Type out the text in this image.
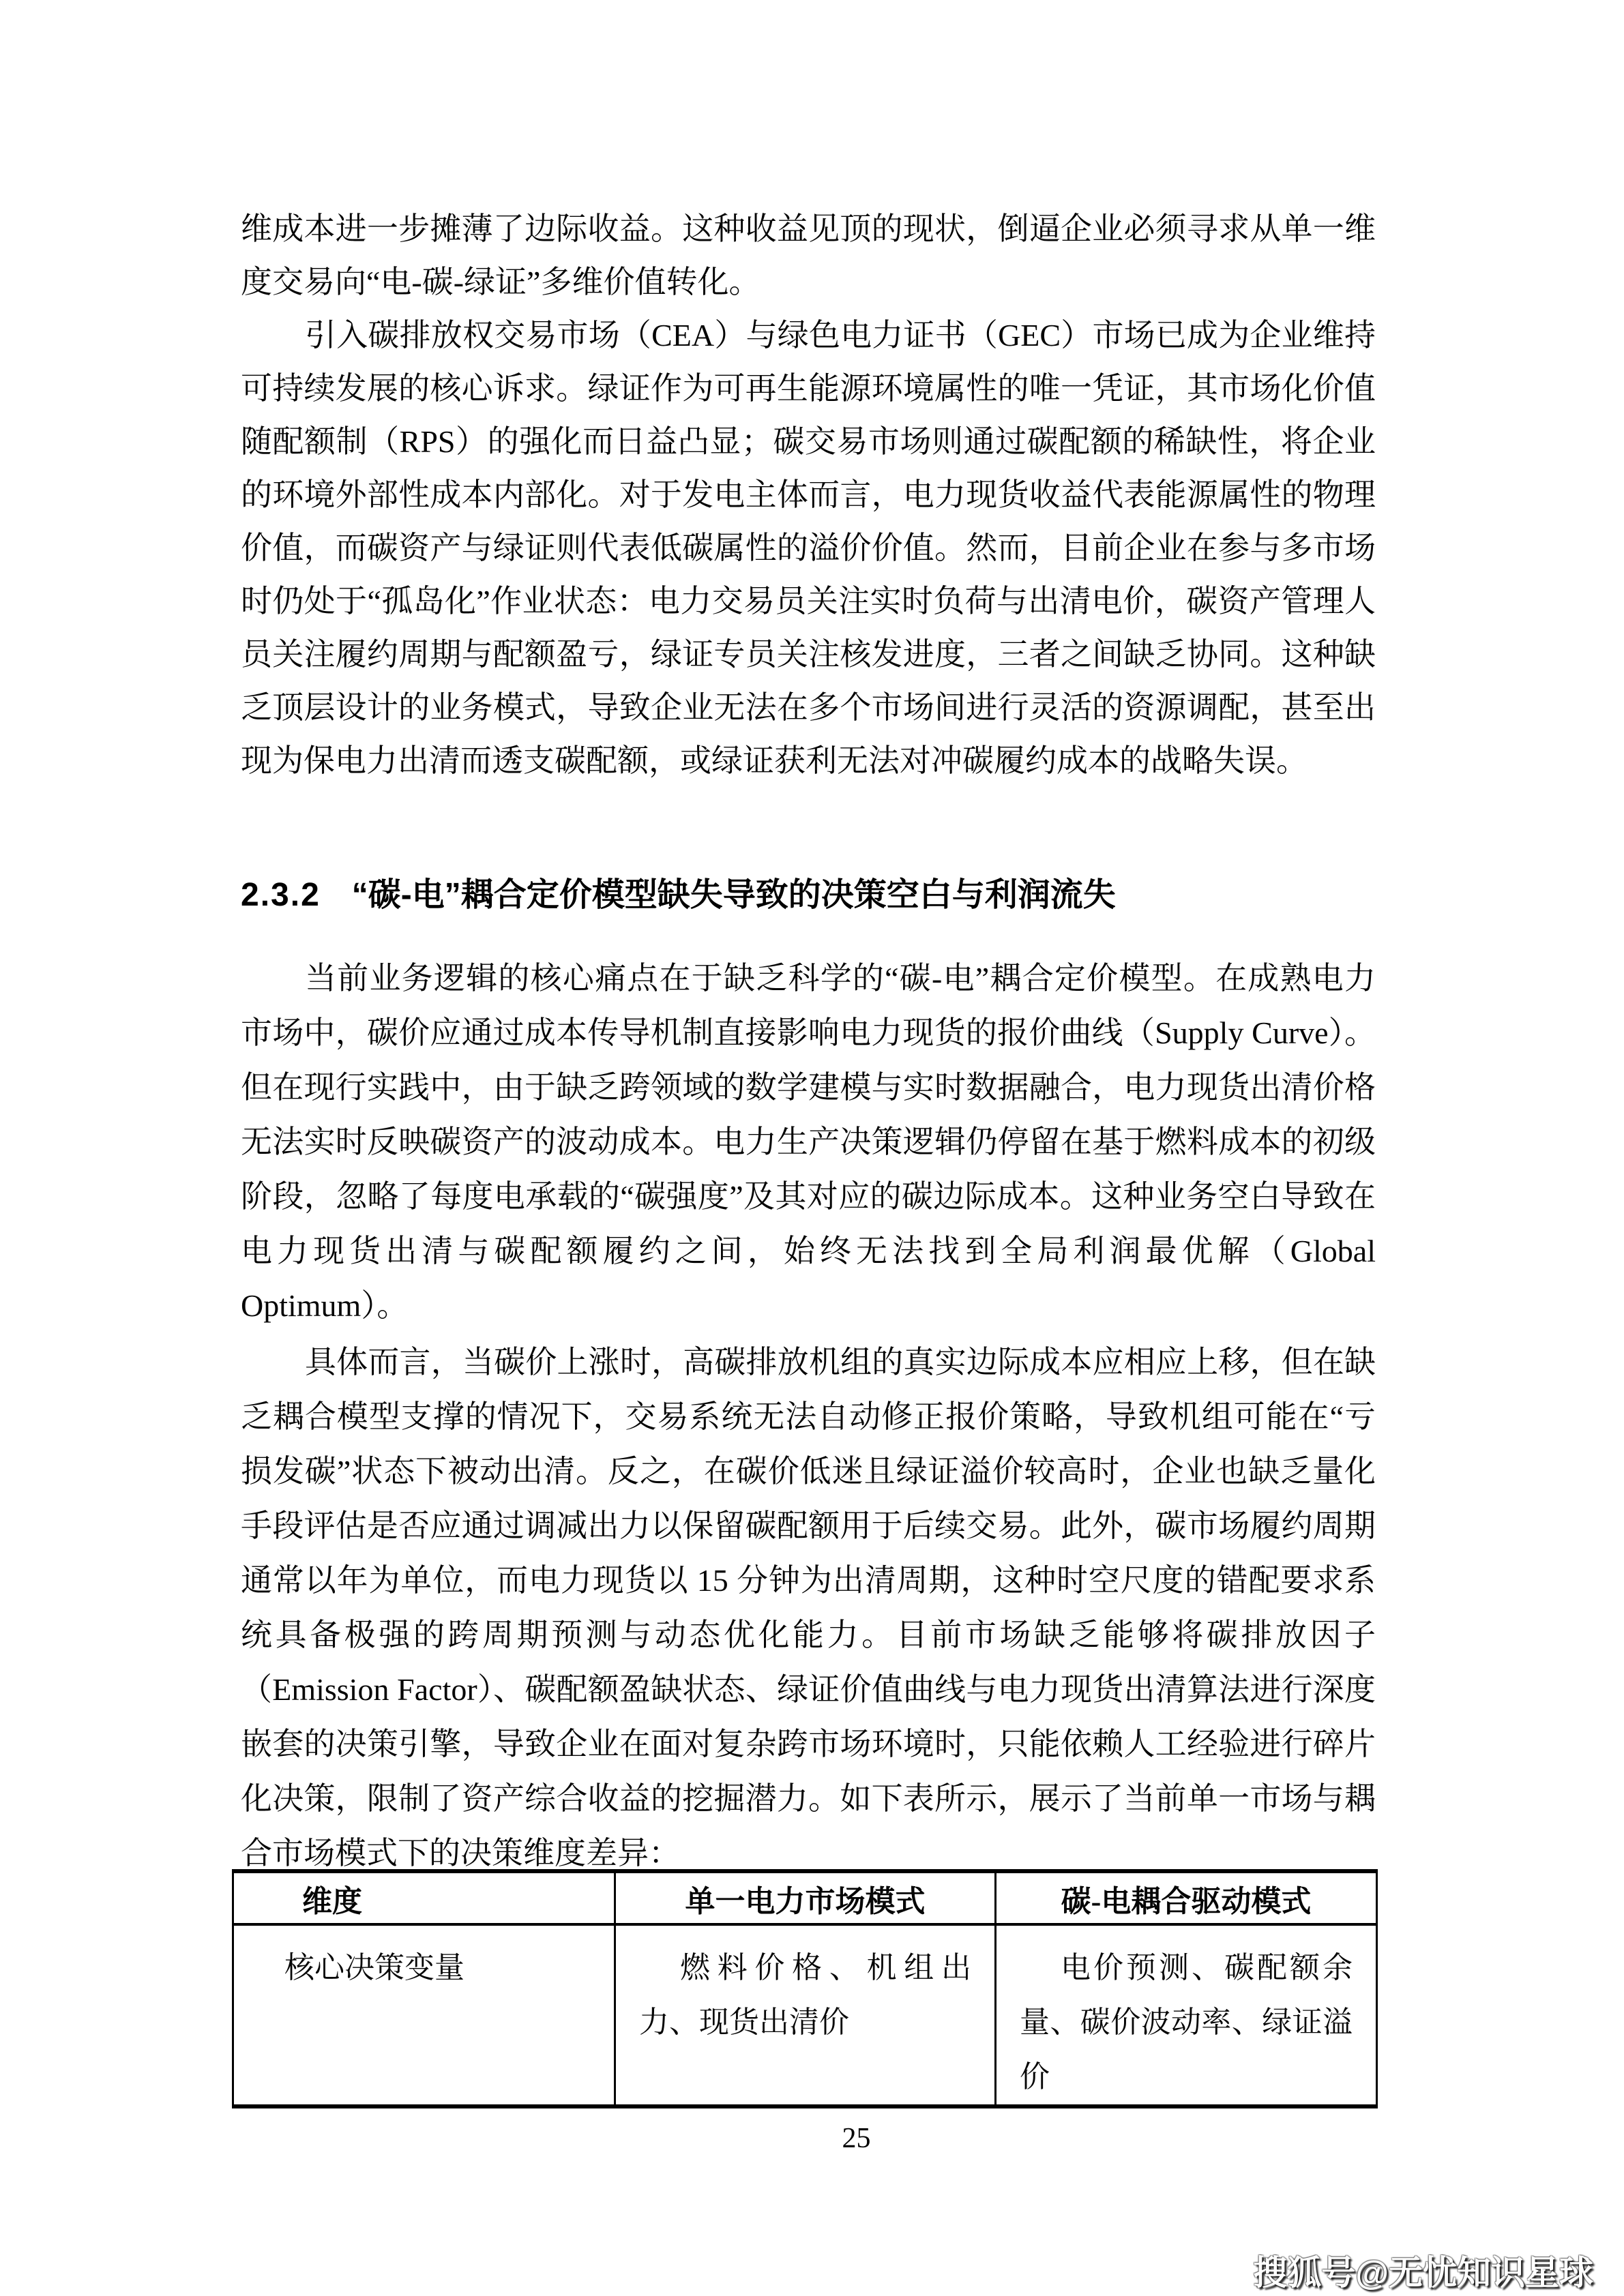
维成本进一步摊薄了边际收益。这种收益见顶的现状，倒逼企业必须寻求从单一维度交易向“电-碳-绿证”多维价值转化。

引入碳排放权交易市场（CEA）与绿色电力证书（GEC）市场已成为企业维持可持续发展的核心诉求。绿证作为可再生能源环境属性的唯一凭证，其市场化价值随配额制（RPS）的强化而日益凸显；碳交易市场则通过碳配额的稀缺性，将企业的环境外部性成本内部化。对于发电主体而言，电力现货收益代表能源属性的物理价值，而碳资产与绿证则代表低碳属性的溢价价值。然而，目前企业在参与多市场时仍处于“孤岛化”作业状态：电力交易员关注实时负荷与出清电价，碳资产管理人员关注履约周期与配额盈亏，绿证专员关注核发进度，三者之间缺乏协同。这种缺乏顶层设计的业务模式，导致企业无法在多个市场间进行灵活的资源调配，甚至出现为保电力出清而透支碳配额，或绿证获利无法对冲碳履约成本的战略失误。

2.3.2 “碳-电”耦合定价模型缺失导致的决策空白与利润流失

当前业务逻辑的核心痛点在于缺乏科学的“碳-电”耦合定价模型。在成熟电力市场中，碳价应通过成本传导机制直接影响电力现货的报价曲线（Supply Curve）。但在现行实践中，由于缺乏跨领域的数学建模与实时数据融合，电力现货出清价格无法实时反映碳资产的波动成本。电力生产决策逻辑仍停留在基于燃料成本的初级阶段，忽略了每度电承载的“碳强度”及其对应的碳边际成本。这种业务空白导致在电力现货出清与碳配额履约之间，始终无法找到全局利润最优解（Global Optimum）。

具体而言，当碳价上涨时，高碳排放机组的真实边际成本应相应上移，但在缺乏耦合模型支撑的情况下，交易系统无法自动修正报价策略，导致机组可能在“亏损发碳”状态下被动出清。反之，在碳价低迷且绿证溢价较高时，企业也缺乏量化手段评估是否应通过调减出力以保留碳配额用于后续交易。此外，碳市场履约周期通常以年为单位，而电力现货以 15 分钟为出清周期，这种时空尺度的错配要求系统具备极强的跨周期预测与动态优化能力。目前市场缺乏能够将碳排放因子（Emission Factor）、碳配额盈缺状态、绿证价值曲线与电力现货出清算法进行深度嵌套的决策引擎，导致企业在面对复杂跨市场环境时，只能依赖人工经验进行碎片化决策，限制了资产综合收益的挖掘潜力。如下表所示，展示了当前单一市场与耦合市场模式下的决策维度差异：

维度	单一电力市场模式	碳-电耦合驱动模式

核心决策变量	燃料价格、机组出力、现货出清价	电价预测、碳配额余量、碳价波动率、绿证溢价
25
搜狐号@无忧知识星球
